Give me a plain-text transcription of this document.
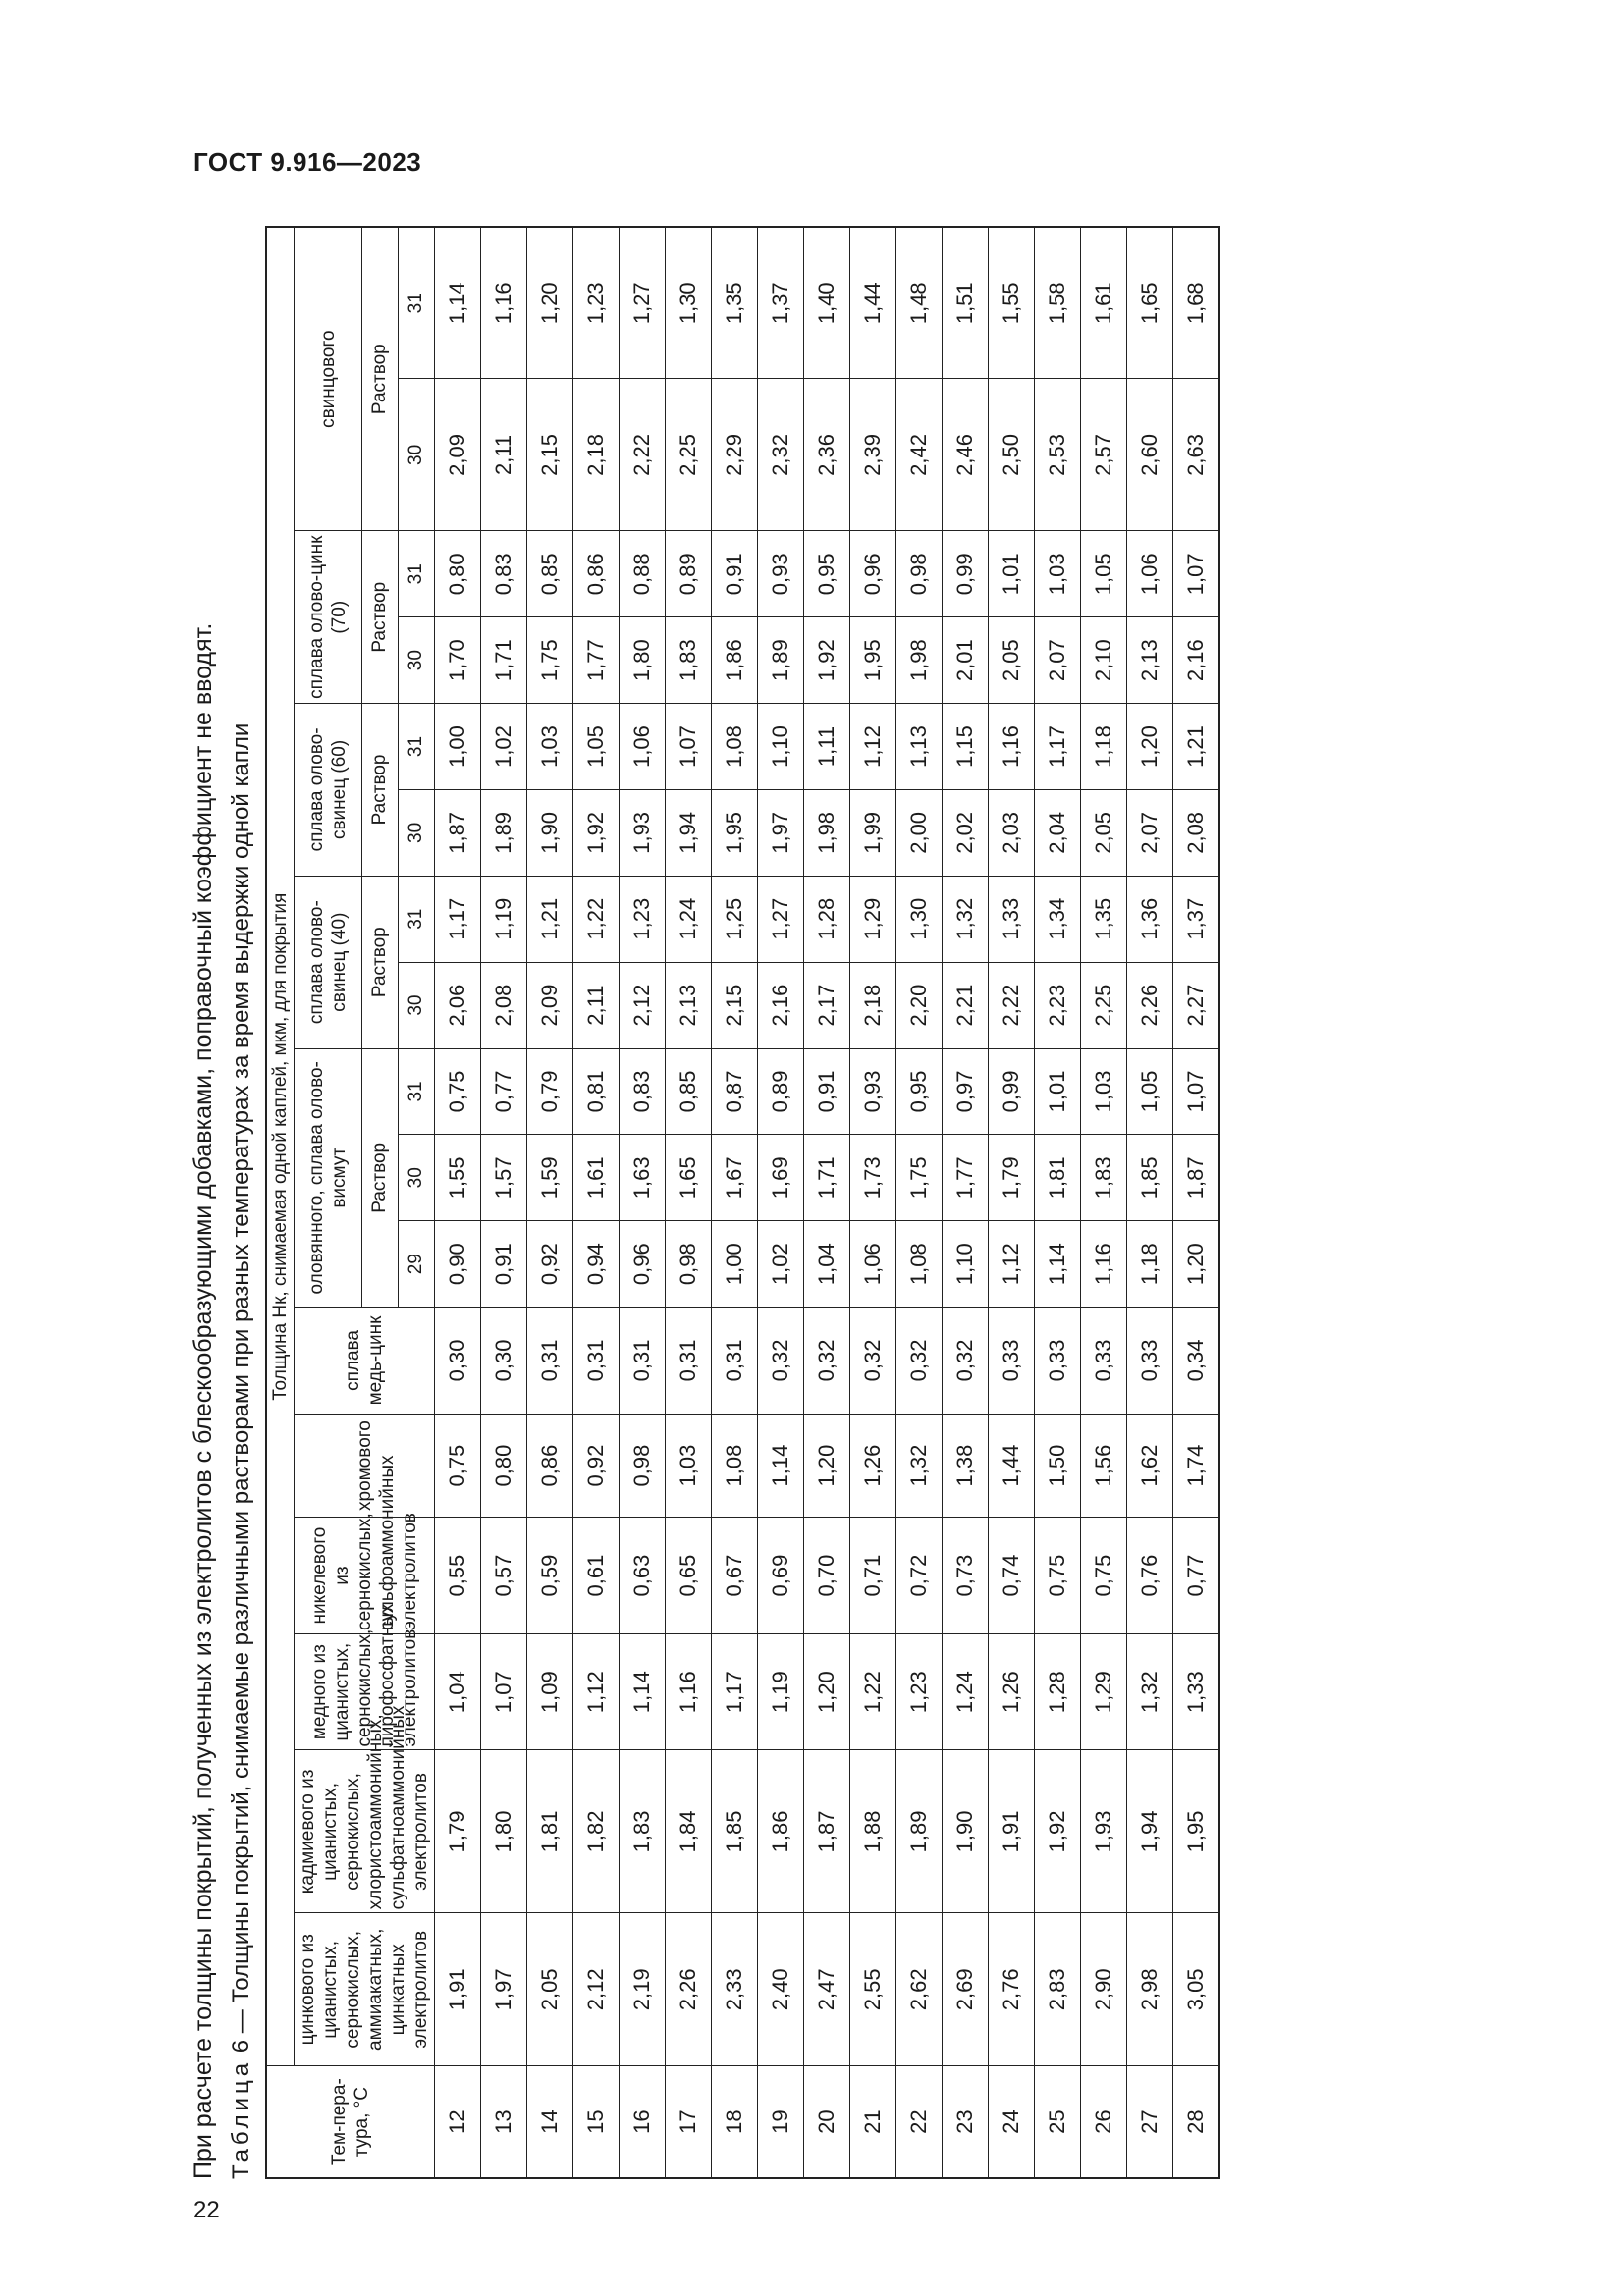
ГОСТ 9.916—2023

При расчете толщины покрытий, полученных из электролитов с блескообразующими добавками, поправочный коэффициент не вводят. Таблица 6 — Толщины покрытий, снимаемые различными растворами при разных температурах за время выдержки одной капли

Тем-пера-тура, °С	Толщина Hк, снимаемая одной каплей, мкм, для покрытия																
	цинкового из цианистых, сернокислых, аммиакатных, цинкатных электролитов	кадмиевого из цианистых, сернокислых, хлористоаммонийных, сульфатноаммонийных электролитов	медного из цианистых, сернокислых, пирофосфатных электролитов	никелевого из сернокислых, сульфоаммонийных электролитов	хромового	сплава медь-цинк	оловянного, сплава олово-висмут			сплава олово-свинец (40)		сплава олово-свинец (60)		сплава олово-цинк (70)		свинцового	
							Раствор			Раствор		Раствор		Раствор		Раствор	
							29	30	31	30	31	30	31	30	31	30	31
12	1,91	1,79	1,04	0,55	0,75	0,30	0,90	1,55	0,75	2,06	1,17	1,87	1,00	1,70	0,80	2,09	1,14
13	1,97	1,80	1,07	0,57	0,80	0,30	0,91	1,57	0,77	2,08	1,19	1,89	1,02	1,71	0,83	2,11	1,16
14	2,05	1,81	1,09	0,59	0,86	0,31	0,92	1,59	0,79	2,09	1,21	1,90	1,03	1,75	0,85	2,15	1,20
15	2,12	1,82	1,12	0,61	0,92	0,31	0,94	1,61	0,81	2,11	1,22	1,92	1,05	1,77	0,86	2,18	1,23
16	2,19	1,83	1,14	0,63	0,98	0,31	0,96	1,63	0,83	2,12	1,23	1,93	1,06	1,80	0,88	2,22	1,27
17	2,26	1,84	1,16	0,65	1,03	0,31	0,98	1,65	0,85	2,13	1,24	1,94	1,07	1,83	0,89	2,25	1,30
18	2,33	1,85	1,17	0,67	1,08	0,31	1,00	1,67	0,87	2,15	1,25	1,95	1,08	1,86	0,91	2,29	1,35
19	2,40	1,86	1,19	0,69	1,14	0,32	1,02	1,69	0,89	2,16	1,27	1,97	1,10	1,89	0,93	2,32	1,37
20	2,47	1,87	1,20	0,70	1,20	0,32	1,04	1,71	0,91	2,17	1,28	1,98	1,11	1,92	0,95	2,36	1,40
21	2,55	1,88	1,22	0,71	1,26	0,32	1,06	1,73	0,93	2,18	1,29	1,99	1,12	1,95	0,96	2,39	1,44
22	2,62	1,89	1,23	0,72	1,32	0,32	1,08	1,75	0,95	2,20	1,30	2,00	1,13	1,98	0,98	2,42	1,48
23	2,69	1,90	1,24	0,73	1,38	0,32	1,10	1,77	0,97	2,21	1,32	2,02	1,15	2,01	0,99	2,46	1,51
24	2,76	1,91	1,26	0,74	1,44	0,33	1,12	1,79	0,99	2,22	1,33	2,03	1,16	2,05	1,01	2,50	1,55
25	2,83	1,92	1,28	0,75	1,50	0,33	1,14	1,81	1,01	2,23	1,34	2,04	1,17	2,07	1,03	2,53	1,58
26	2,90	1,93	1,29	0,75	1,56	0,33	1,16	1,83	1,03	2,25	1,35	2,05	1,18	2,10	1,05	2,57	1,61
27	2,98	1,94	1,32	0,76	1,62	0,33	1,18	1,85	1,05	2,26	1,36	2,07	1,20	2,13	1,06	2,60	1,65
28	3,05	1,95	1,33	0,77	1,74	0,34	1,20	1,87	1,07	2,27	1,37	2,08	1,21	2,16	1,07	2,63	1,68
22
